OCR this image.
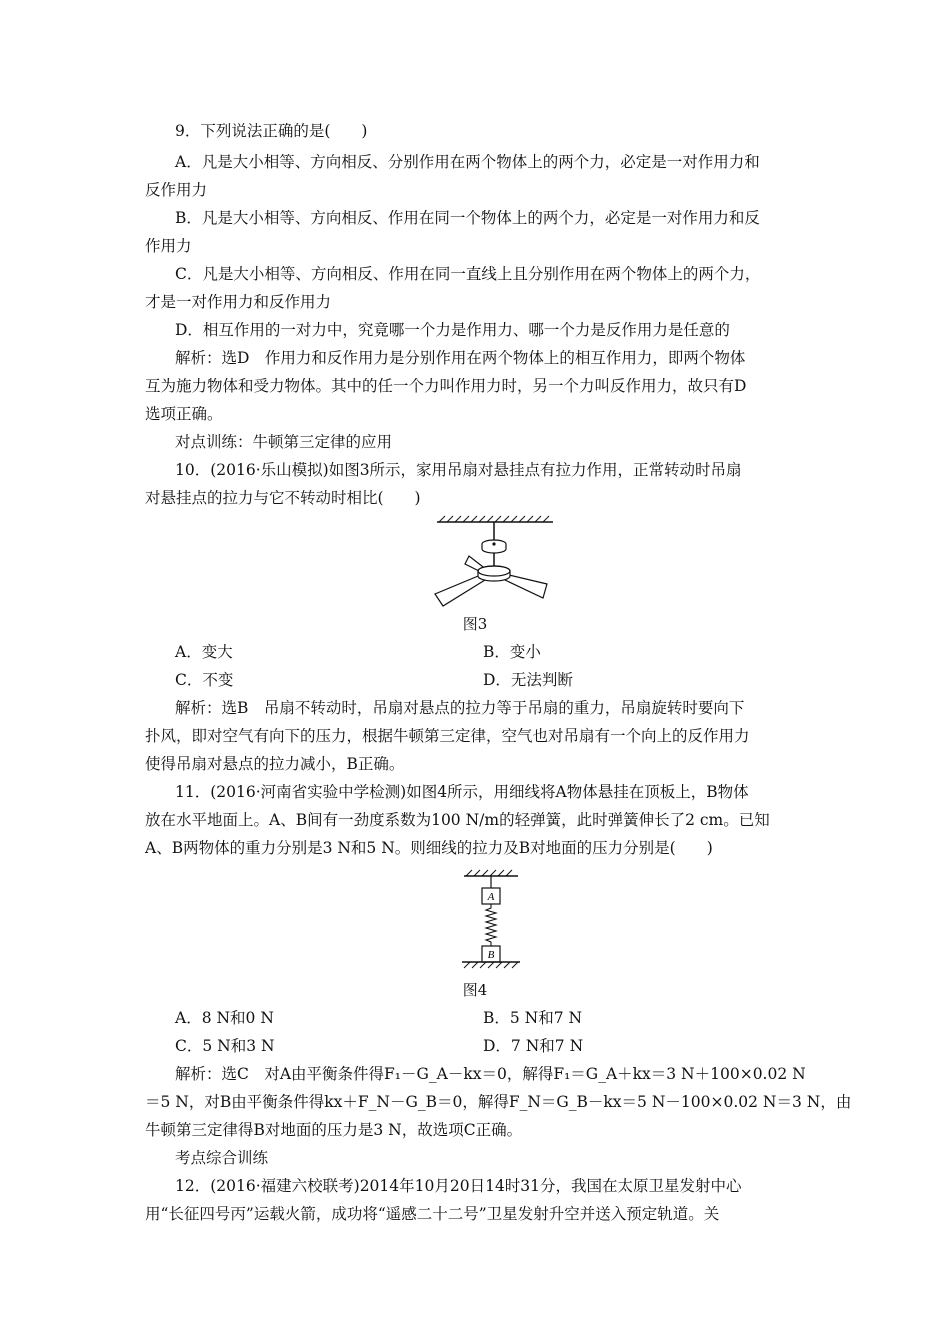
9．下列说法正确的是(　　)
A．凡是大小相等、方向相反、分别作用在两个物体上的两个力，必定是一对作用力和
反作用力
B．凡是大小相等、方向相反、作用在同一个物体上的两个力，必定是一对作用力和反
作用力
C．凡是大小相等、方向相反、作用在同一直线上且分别作用在两个物体上的两个力，
才是一对作用力和反作用力
D．相互作用的一对力中，究竟哪一个力是作用力、哪一个力是反作用力是任意的
解析：选D　作用力和反作用力是分别作用在两个物体上的相互作用力，即两个物体
互为施力物体和受力物体。其中的任一个力叫作用力时，另一个力叫反作用力，故只有D
选项正确。
对点训练：牛顿第三定律的应用
10．(2016·乐山模拟)如图3所示，家用吊扇对悬挂点有拉力作用，正常转动时吊扇
对悬挂点的拉力与它不转动时相比(　　)
图3
A．变大	B．变小
C．不变	D．无法判断
解析：选B　吊扇不转动时，吊扇对悬点的拉力等于吊扇的重力，吊扇旋转时要向下
扑风，即对空气有向下的压力，根据牛顿第三定律，空气也对吊扇有一个向上的反作用力
使得吊扇对悬点的拉力减小，B正确。
11．(2016·河南省实验中学检测)如图4所示，用细线将A物体悬挂在顶板上，B物体
放在水平地面上。A、B间有一劲度系数为100 N/m的轻弹簧，此时弹簧伸长了2 cm。已知
A、B两物体的重力分别是3 N和5 N。则细线的拉力及B对地面的压力分别是(　　)
A
B
图4
A．8 N和0 N	B．5 N和7 N
C．5 N和3 N	D．7 N和7 N
解析：选C　对A由平衡条件得F₁－G_A－kx＝0，解得F₁＝G_A＋kx＝3 N＋100×0.02 N
＝5 N，对B由平衡条件得kx＋F_N－G_B＝0，解得F_N＝G_B－kx＝5 N－100×0.02 N＝3 N，由
牛顿第三定律得B对地面的压力是3 N，故选项C正确。
考点综合训练
12．(2016·福建六校联考)2014年10月20日14时31分，我国在太原卫星发射中心
用“长征四号丙”运载火箭，成功将“遥感二十二号”卫星发射升空并送入预定轨道。关
